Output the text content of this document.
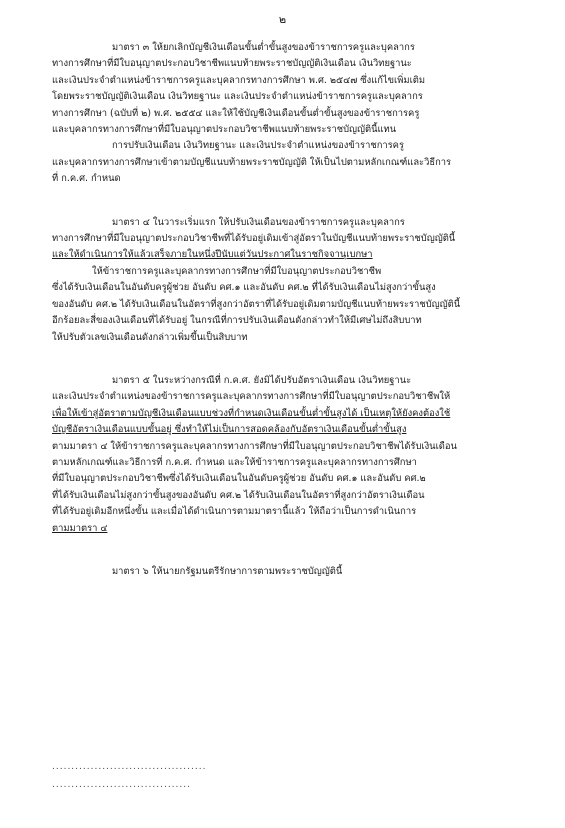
๒

มาตรา ๓ ให้ยกเลิกบัญชีเงินเดือนขั้นต่ำขั้นสูงของข้าราชการครูและบุคลากร
ทางการศึกษาที่มีใบอนุญาตประกอบวิชาชีพแนบท้ายพระราชบัญญัติเงินเดือน เงินวิทยฐานะ
และเงินประจำตำแหน่งข้าราชการครูและบุคลากรทางการศึกษา พ.ศ. ๒๕๔๗ ซึ่งแก้ไขเพิ่มเติม
โดยพระราชบัญญัติเงินเดือน เงินวิทยฐานะ และเงินประจำตำแหน่งข้าราชการครูและบุคลากร
ทางการศึกษา (ฉบับที่ ๒) พ.ศ. ๒๕๕๔ และให้ใช้บัญชีเงินเดือนขั้นต่ำขั้นสูงของข้าราชการครู
และบุคลากรทางการศึกษาที่มีใบอนุญาตประกอบวิชาชีพแนบท้ายพระราชบัญญัตินี้แทน
การปรับเงินเดือน เงินวิทยฐานะ และเงินประจำตำแหน่งของข้าราชการครู
และบุคลากรทางการศึกษาเข้าตามบัญชีแนบท้ายพระราชบัญญัติ ให้เป็นไปตามหลักเกณฑ์และวิธีการ
ที่ ก.ค.ศ. กำหนด

มาตรา ๔ ในวาระเริ่มแรก ให้ปรับเงินเดือนของข้าราชการครูและบุคลากร
ทางการศึกษาที่มีใบอนุญาตประกอบวิชาชีพที่ได้รับอยู่เดิมเข้าสู่อัตราในบัญชีแนบท้ายพระราชบัญญัตินี้
และให้ดำเนินการให้แล้วเสร็จภายในหนึ่งปีนับแต่วันประกาศในราชกิจจานุเบกษา
ให้ข้าราชการครูและบุคลากรทางการศึกษาที่มีใบอนุญาตประกอบวิชาชีพ
ซึ่งได้รับเงินเดือนในอันดับครูผู้ช่วย อันดับ คศ.๑ และอันดับ คศ.๒ ที่ได้รับเงินเดือนไม่สูงกว่าขั้นสูง
ของอันดับ คศ.๒ ได้รับเงินเดือนในอัตราที่สูงกว่าอัตราที่ได้รับอยู่เดิมตามบัญชีแนบท้ายพระราชบัญญัตินี้
อีกร้อยละสี่ของเงินเดือนที่ได้รับอยู่ ในกรณีที่การปรับเงินเดือนดังกล่าวทำให้มีเศษไม่ถึงสิบบาท
ให้ปรับตัวเลขเงินเดือนดังกล่าวเพิ่มขึ้นเป็นสิบบาท

มาตรา ๕ ในระหว่างกรณีที่ ก.ค.ศ. ยังมิได้ปรับอัตราเงินเดือน เงินวิทยฐานะ
และเงินประจำตำแหน่งของข้าราชการครูและบุคลากรทางการศึกษาที่มีใบอนุญาตประกอบวิชาชีพให้
เพื่อให้เข้าสู่อัตราตามบัญชีเงินเดือนแบบช่วงที่กำหนดเงินเดือนขั้นต่ำขั้นสูงได้ เป็นเหตุให้ยังคงต้องใช้
บัญชีอัตราเงินเดือนแบบขั้นอยู่ ซึ่งทำให้ไม่เป็นการสอดคล้องกับอัตราเงินเดือนขั้นต่ำขั้นสูง
ตามมาตรา ๔ ให้ข้าราชการครูและบุคลากรทางการศึกษาที่มีใบอนุญาตประกอบวิชาชีพได้รับเงินเดือน
ตามหลักเกณฑ์และวิธีการที่ ก.ค.ศ. กำหนด และให้ข้าราชการครูและบุคลากรทางการศึกษา
ที่มีใบอนุญาตประกอบวิชาชีพซึ่งได้รับเงินเดือนในอันดับครูผู้ช่วย อันดับ คศ.๑ และอันดับ คศ.๒
ที่ได้รับเงินเดือนไม่สูงกว่าขั้นสูงของอันดับ คศ.๒ ได้รับเงินเดือนในอัตราที่สูงกว่าอัตราเงินเดือน
ที่ได้รับอยู่เดิมอีกหนึ่งขั้น และเมื่อได้ดำเนินการตามมาตรานี้แล้ว ให้ถือว่าเป็นการดำเนินการ
ตามมาตรา ๔

มาตรา ๖ ให้นายกรัฐมนตรีรักษาการตามพระราชบัญญัตินี้

........................................
....................................
